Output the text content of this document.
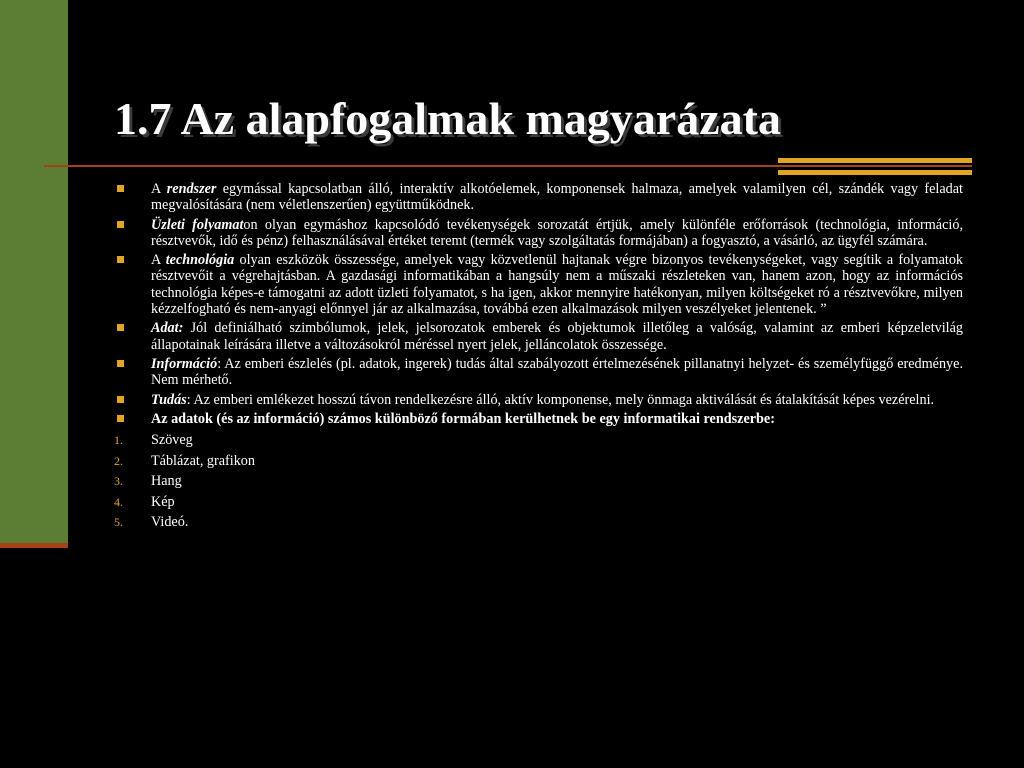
1.7 Az alapfogalmak magyarázata
A rendszer egymással kapcsolatban álló, interaktív alkotóelemek, komponensek halmaza, amelyek valamilyen cél, szándék vagy feladat megvalósítására (nem véletlenszerűen) együttműködnek.
Üzleti folyamaton olyan egymáshoz kapcsolódó tevékenységek sorozatát értjük, amely különféle erőforrások (technológia, információ, résztvevők, idő és pénz) felhasználásával értéket teremt (termék vagy szolgáltatás formájában) a fogyasztó, a vásárló, az ügyfél számára.
A technológia olyan eszközök összessége, amelyek vagy közvetlenül hajtanak végre bizonyos tevékenységeket, vagy segítik a folyamatok résztvevőit a végrehajtásban. A gazdasági informatikában a hangsúly nem a műszaki részleteken van, hanem azon, hogy az információs technológia képes-e támogatni az adott üzleti folyamatot, s ha igen, akkor mennyire hatékonyan, milyen költségeket ró a résztvevőkre, milyen kézzelfogható és nem-anyagi előnnyel jár az alkalmazása, továbbá ezen alkalmazások milyen veszélyeket jelentenek. ”
Adat: Jól definiálható szimbólumok, jelek, jelsorozatok emberek és objektumok illetőleg a valóság, valamint az emberi képzeletvilág állapotainak leírására illetve a változásokról méréssel nyert jelek, jelláncolatok összessége.
Információ: Az emberi észlelés (pl. adatok, ingerek) tudás által szabályozott értelmezésének pillanatnyi helyzet- és személyfüggő eredménye. Nem mérhető.
Tudás: Az emberi emlékezet hosszú távon rendelkezésre álló, aktív komponense, mely önmaga aktiválását és átalakítását képes vezérelni.
Az adatok (és az információ) számos különböző formában kerülhetnek be egy informatikai rendszerbe:
1. Szöveg
2. Táblázat, grafikon
3. Hang
4. Kép
5. Videó.
